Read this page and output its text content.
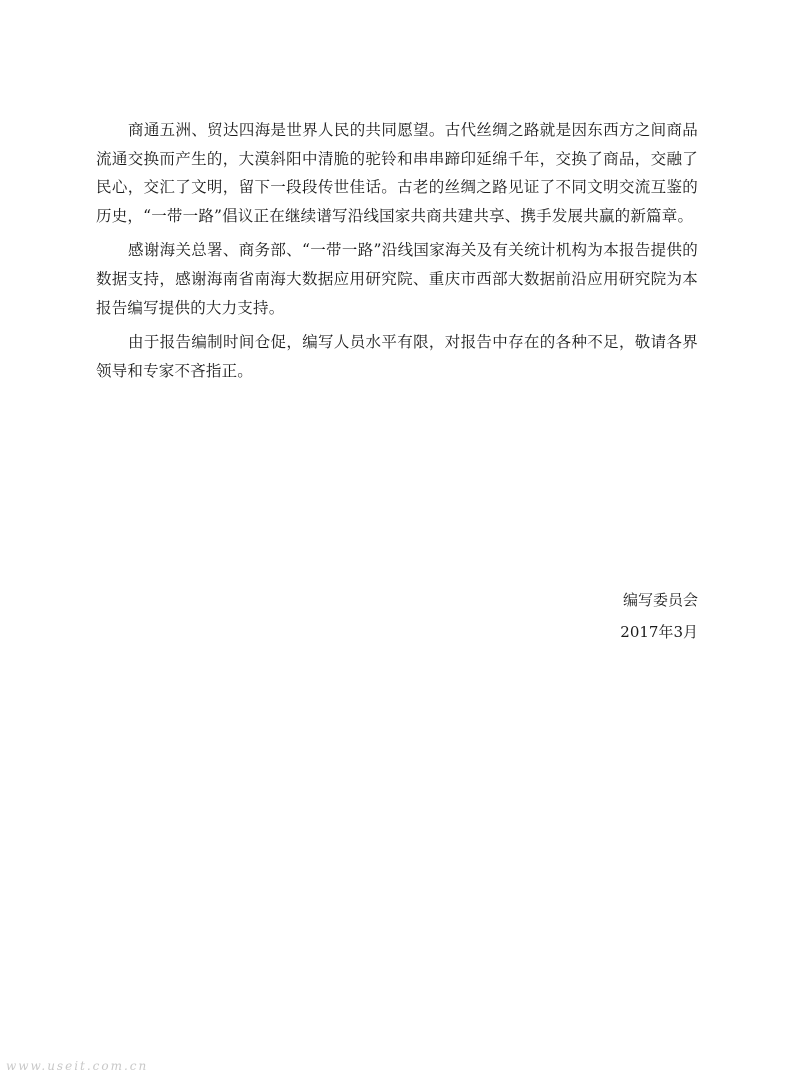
商通五洲、贸达四海是世界人民的共同愿望。古代丝绸之路就是因东西方之间商品流通交换而产生的，大漠斜阳中清脆的驼铃和串串蹄印延绵千年，交换了商品，交融了民心，交汇了文明，留下一段段传世佳话。古老的丝绸之路见证了不同文明交流互鉴的历史，“一带一路”倡议正在继续谱写沿线国家共商共建共享、携手发展共赢的新篇章。

感谢海关总署、商务部、“一带一路”沿线国家海关及有关统计机构为本报告提供的数据支持，感谢海南省南海大数据应用研究院、重庆市西部大数据前沿应用研究院为本报告编写提供的大力支持。

由于报告编制时间仓促，编写人员水平有限，对报告中存在的各种不足，敬请各界领导和专家不吝指正。

编写委员会
2017年3月
www.useit.com.cn
